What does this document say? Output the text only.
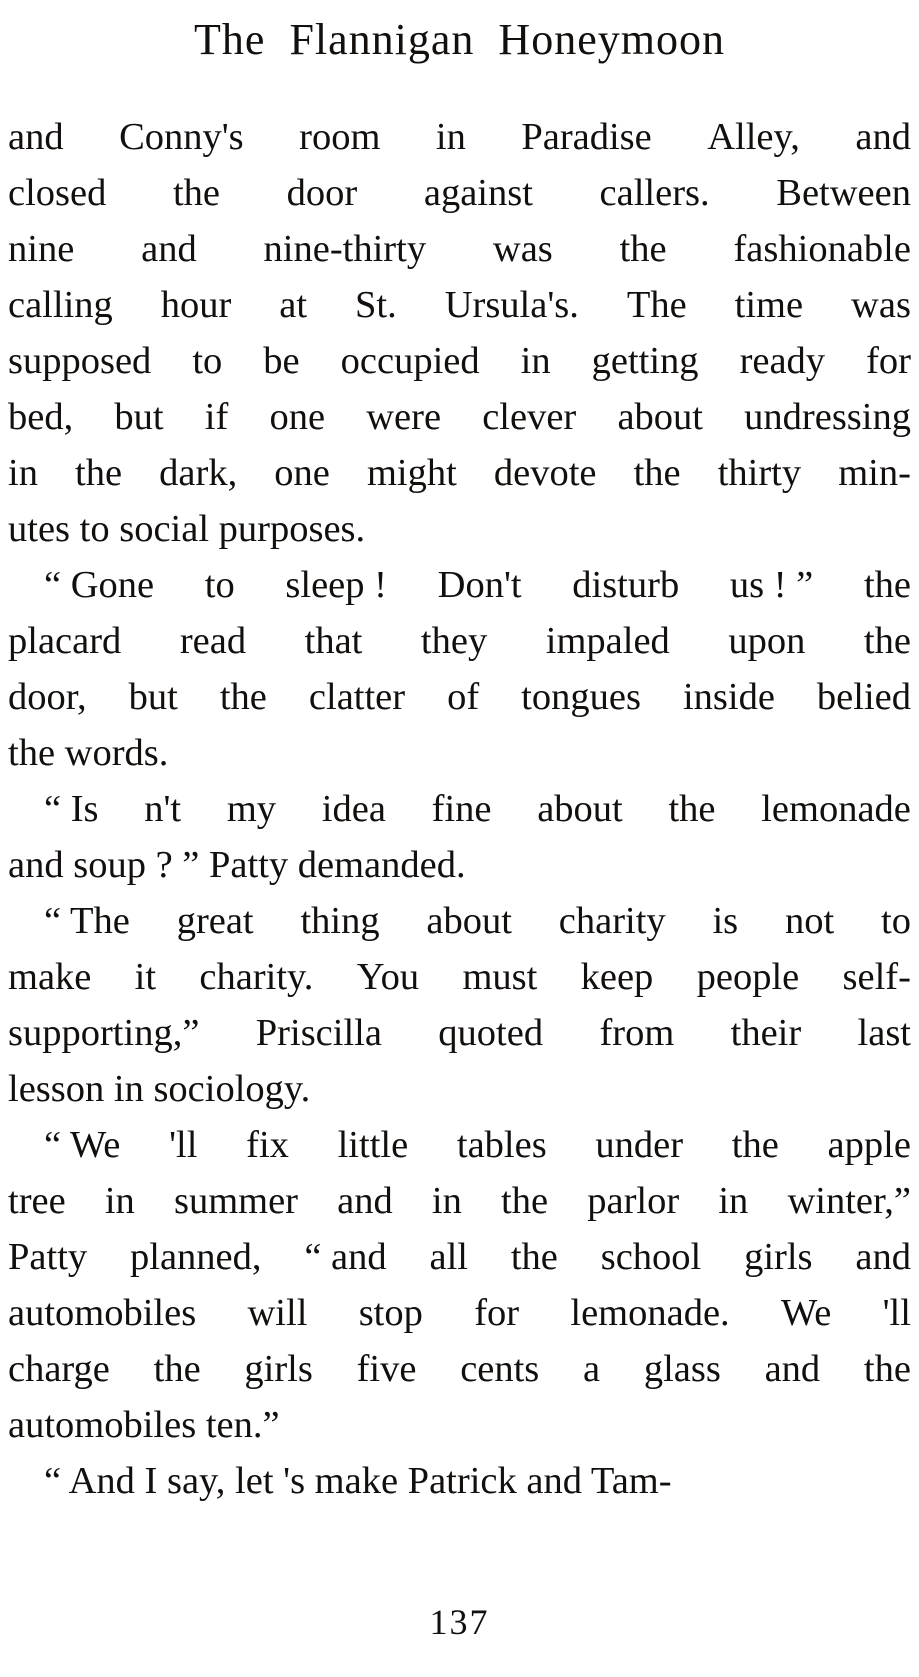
The  Flannigan  Honeymoon
and Conny's room in Paradise Alley, and
closed the door against callers. Between
nine and nine-thirty was the fashionable
calling hour at St. Ursula's. The time was
supposed to be occupied in getting ready for
bed, but if one were clever about undressing
in the dark, one might devote the thirty min-
utes to social purposes.
“ Gone to sleep ! Don't disturb us ! ” the
placard read that they impaled upon the
door, but the clatter of tongues inside belied
the words.
“ Is n't my idea fine about the lemonade
and soup ? ” Patty demanded.
“ The great thing about charity is not to
make it charity. You must keep people self-
supporting,” Priscilla quoted from their last
lesson in sociology.
“ We 'll fix little tables under the apple
tree in summer and in the parlor in winter,”
Patty planned, “ and all the school girls and
automobiles will stop for lemonade. We 'll
charge the girls five cents a glass and the
automobiles ten.”
“ And I say, let 's make Patrick and Tam-
137
